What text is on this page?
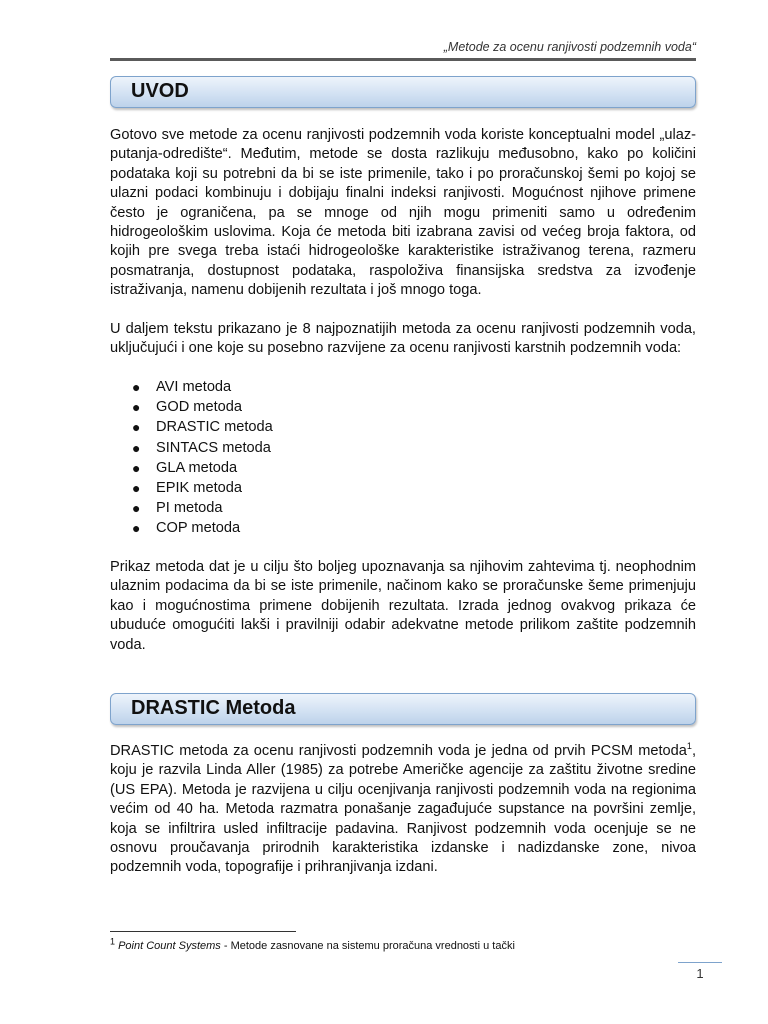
„Metode za ocenu ranjivosti podzemnih voda“
UVOD

Gotovo sve metode za ocenu ranjivosti podzemnih voda koriste konceptualni model „ulaz-putanja-odredište“. Međutim, metode se dosta razlikuju međusobno, kako po količini podataka koji su potrebni da bi se iste primenile, tako i po proračunskoj šemi po kojoj se ulazni podaci kombinuju i dobijaju finalni indeksi ranjivosti. Mogućnost njihove primene često je ograničena, pa se mnoge od njih mogu primeniti samo u određenim hidrogeološkim uslovima. Koja će metoda biti izabrana zavisi od većeg broja faktora, od kojih pre svega treba istaći hidrogeološke karakteristike istraživanog terena, razmeru posmatranja, dostupnost podataka, raspoloživa finansijska sredstva za izvođenje istraživanja, namenu dobijenih rezultata i još mnogo toga.

U daljem tekstu prikazano je 8 najpoznatijih metoda za ocenu ranjivosti podzemnih voda, uključujući i one koje su posebno razvijene za ocenu ranjivosti karstnih podzemnih voda:

● AVI metoda
● GOD metoda
● DRASTIC metoda
● SINTACS metoda
● GLA metoda
● EPIK metoda
● PI metoda
● COP metoda

Prikaz metoda dat je u cilju što boljeg upoznavanja sa njihovim zahtevima tj. neophodnim ulaznim podacima da bi se iste primenile, načinom kako se proračunske šeme primenjuju kao i mogućnostima primene dobijenih rezultata. Izrada jednog ovakvog prikaza će ubuduće omogućiti lakši i pravilniji odabir adekvatne metode prilikom zaštite podzemnih voda.

DRASTIC Metoda

DRASTIC metoda za ocenu ranjivosti podzemnih voda je jedna od prvih PCSM metoda$^1$, koju je razvila Linda Aller (1985) za potrebe Američke agencije za zaštitu životne sredine (US EPA). Metoda je razvijena u cilju ocenjivanja ranjivosti podzemnih voda na regionima većim od 40 ha. Metoda razmatra ponašanje zagađujuće supstance na površini zemlje, koja se infiltrira usled infiltracije padavina. Ranjivost podzemnih voda ocenjuje se ne osnovu proučavanja prirodnih karakteristika izdanske i nadizdanske zone, nivoa podzemnih voda, topografije i prihranjivanja izdani.

$^1$ Point Count Systems - Metode zasnovane na sistemu proračuna vrednosti u tački
1
